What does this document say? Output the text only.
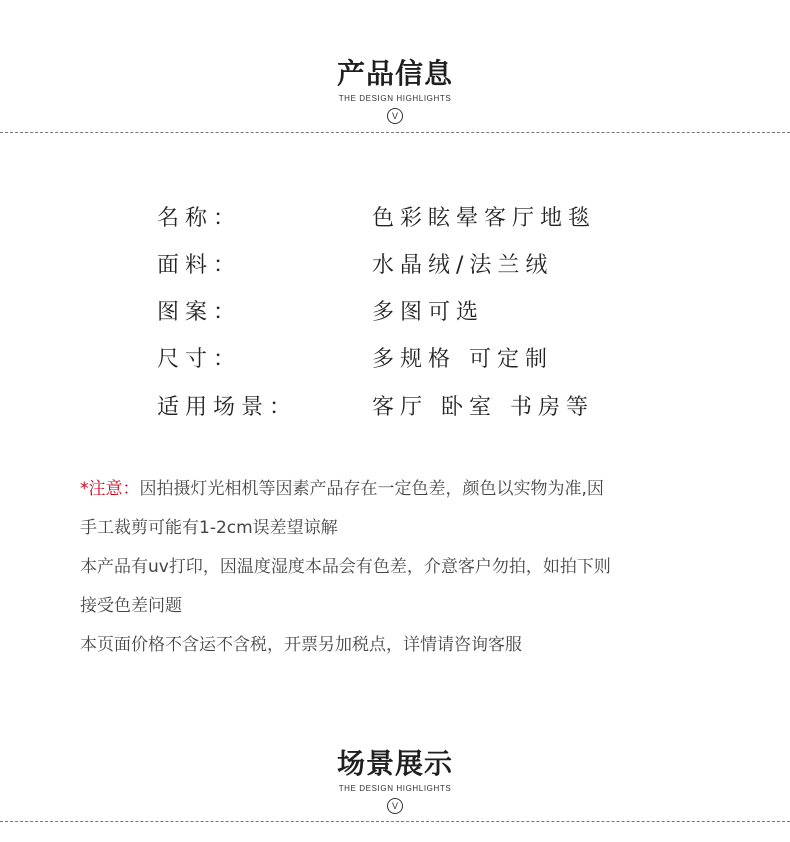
产品信息
THE DESIGN HIGHLIGHTS
V
名称：	色彩眩晕客厅地毯
面料：	水晶绒/法兰绒
图案：	多图可选
尺寸：	多规格 可定制
适用场景：	客厅 卧室 书房等
*注意：因拍摄灯光相机等因素产品存在一定色差，颜色以实物为准,因
手工裁剪可能有1-2cm误差望谅解
本产品有uv打印，因温度湿度本品会有色差，介意客户勿拍，如拍下则
接受色差问题
本页面价格不含运不含税，开票另加税点，详情请咨询客服
场景展示
THE DESIGN HIGHLIGHTS
V
